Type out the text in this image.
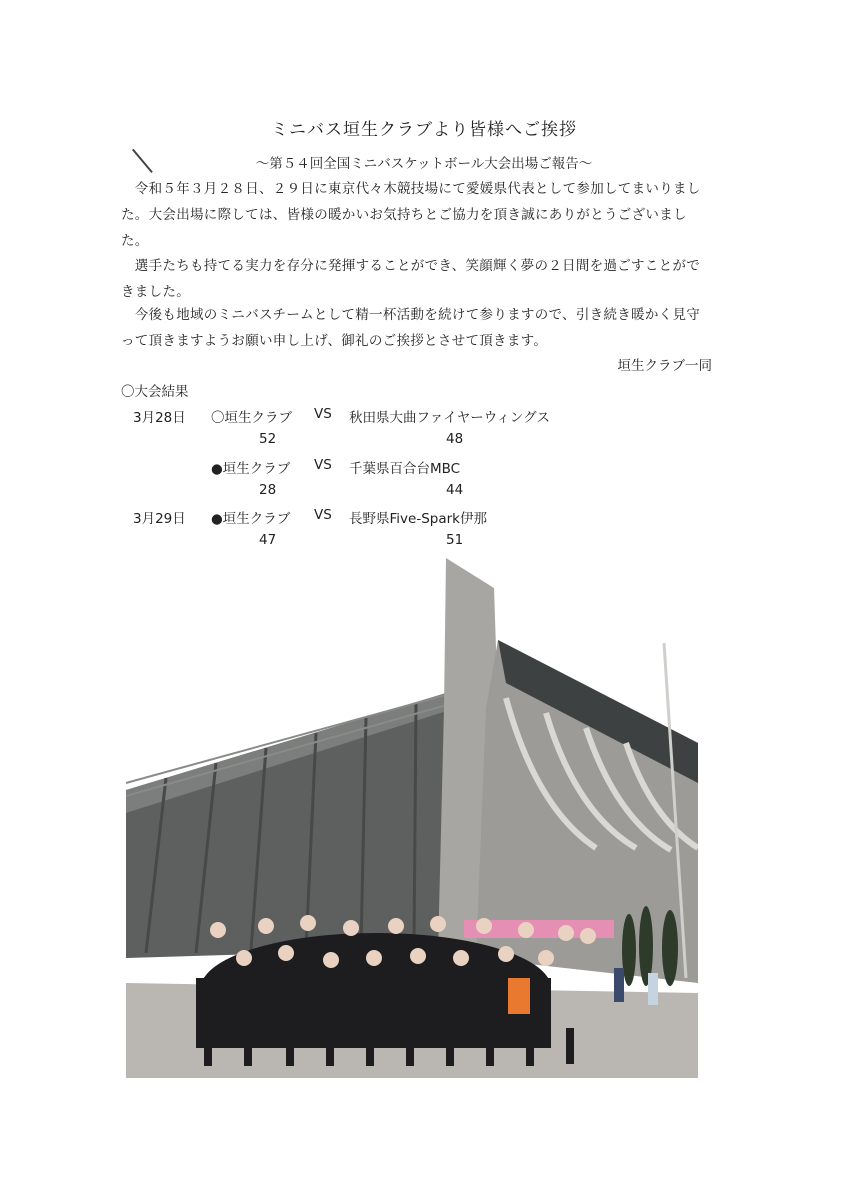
ミニバス垣生クラブより皆様へご挨拶
～第５４回全国ミニバスケットボール大会出場ご報告～
　令和５年３月２８日、２９日に東京代々木競技場にて愛媛県代表として参加してまいりました。大会出場に際しては、皆様の暖かいお気持ちとご協力を頂き誠にありがとうございました。
　選手たちも持てる実力を存分に発揮することができ、笑顔輝く夢の２日間を過ごすことができました。
　今後も地域のミニバスチームとして精一杯活動を続けて参りますので、引き続き暖かく見守って頂きますようお願い申し上げ、御礼のご挨拶とさせて頂きます。
垣生クラブ一同
〇大会結果
3月28日 〇垣生クラブ VS 秋田県大曲ファイヤーウィングス
52	48
●垣生クラブ VS 千葉県百合台MBC
28	44
3月29日 ●垣生クラブ VS 長野県Five-Spark伊那
47	51
